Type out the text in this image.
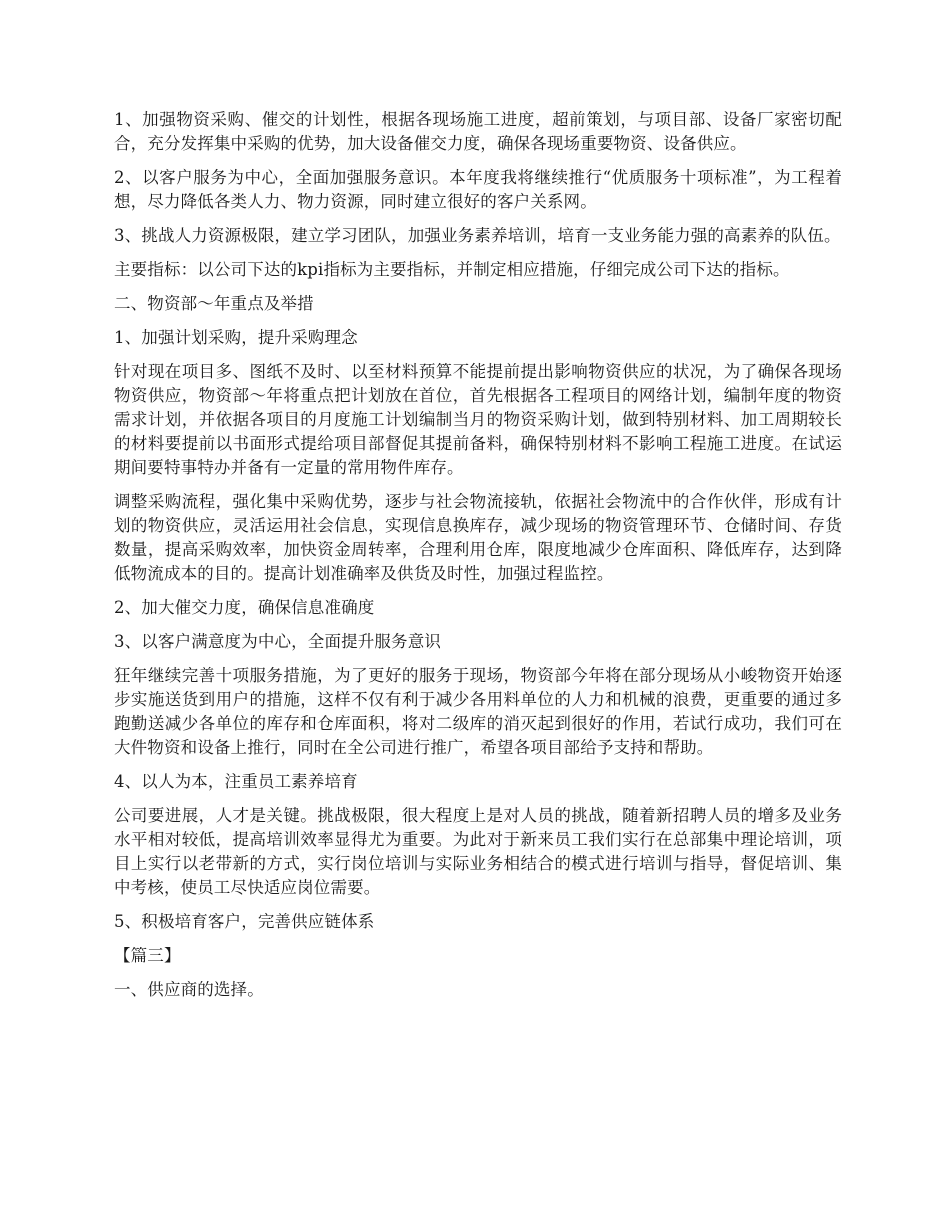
1、加强物资采购、催交的计划性，根据各现场施工进度，超前策划，与项目部、设备厂家密切配合，充分发挥集中采购的优势，加大设备催交力度，确保各现场重要物资、设备供应。

2、以客户服务为中心，全面加强服务意识。本年度我将继续推行“优质服务十项标准”，为工程着想，尽力降低各类人力、物力资源，同时建立很好的客户关系网。

3、挑战人力资源极限，建立学习团队，加强业务素养培训，培育一支业务能力强的高素养的队伍。

主要指标：以公司下达的kpi指标为主要指标，并制定相应措施，仔细完成公司下达的指标。

二、物资部～年重点及举措

1、加强计划采购，提升采购理念

针对现在项目多、图纸不及时、以至材料预算不能提前提出影响物资供应的状况，为了确保各现场物资供应，物资部～年将重点把计划放在首位，首先根据各工程项目的网络计划，编制年度的物资需求计划，并依据各项目的月度施工计划编制当月的物资采购计划，做到特别材料、加工周期较长的材料要提前以书面形式提给项目部督促其提前备料，确保特别材料不影响工程施工进度。在试运期间要特事特办并备有一定量的常用物件库存。

调整采购流程，强化集中采购优势，逐步与社会物流接轨，依据社会物流中的合作伙伴，形成有计划的物资供应，灵活运用社会信息，实现信息换库存，减少现场的物资管理环节、仓储时间、存货数量，提高采购效率，加快资金周转率，合理利用仓库，限度地减少仓库面积、降低库存，达到降低物流成本的目的。提高计划准确率及供货及时性，加强过程监控。

2、加大催交力度，确保信息准确度

3、以客户满意度为中心，全面提升服务意识

狂年继续完善十项服务措施，为了更好的服务于现场，物资部今年将在部分现场从小峻物资开始逐步实施送货到用户的措施，这样不仅有利于减少各用料单位的人力和机械的浪费，更重要的通过多跑勤送减少各单位的库存和仓库面积，将对二级库的消灭起到很好的作用，若试行成功，我们可在大件物资和设备上推行，同时在全公司进行推广，希望各项目部给予支持和帮助。

4、以人为本，注重员工素养培育

公司要进展，人才是关键。挑战极限，很大程度上是对人员的挑战，随着新招聘人员的增多及业务水平相对较低，提高培训效率显得尤为重要。为此对于新来员工我们实行在总部集中理论培训，项目上实行以老带新的方式，实行岗位培训与实际业务相结合的模式进行培训与指导，督促培训、集中考核，使员工尽快适应岗位需要。

5、积极培育客户，完善供应链体系

【篇三】

一、供应商的选择。
